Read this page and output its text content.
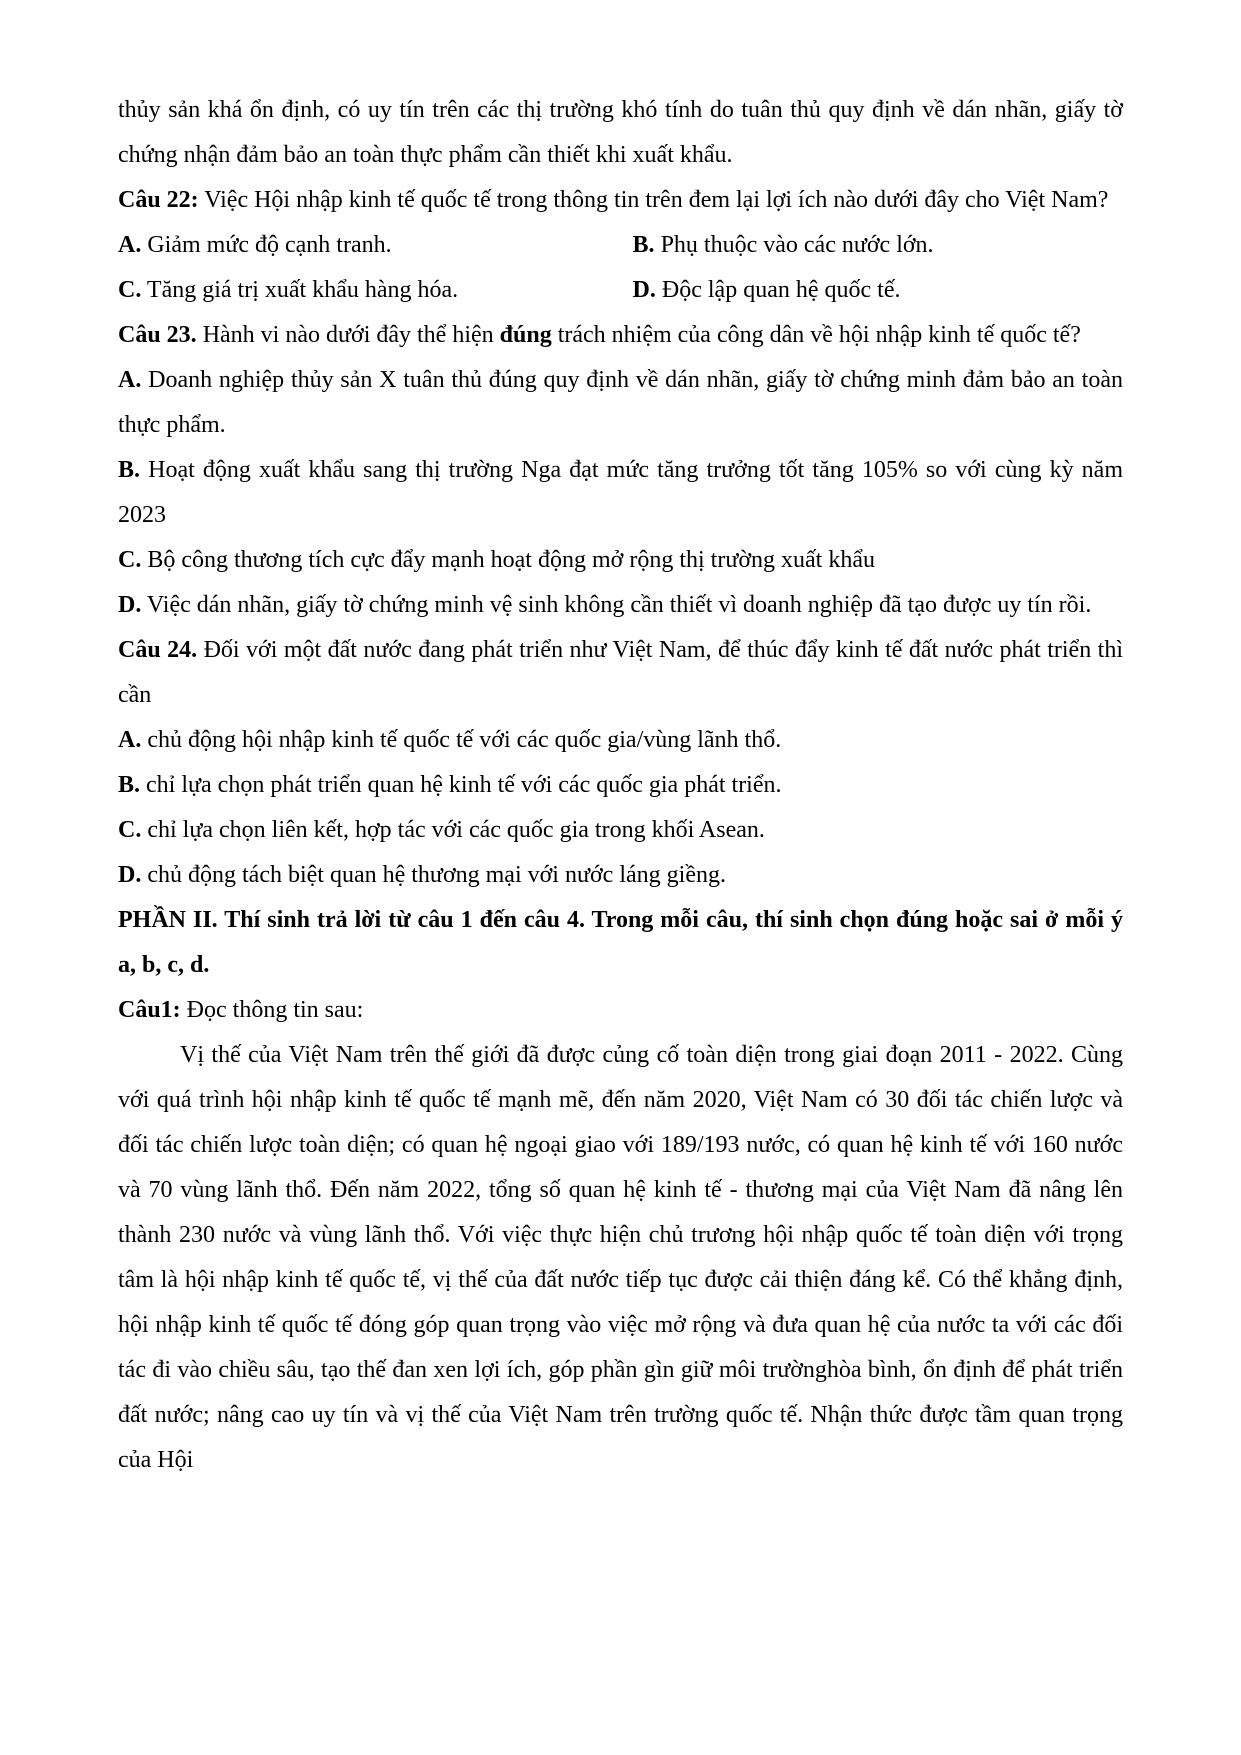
thủy sản khá ổn định, có uy tín trên các thị trường khó tính do tuân thủ quy định về dán nhãn, giấy tờ chứng nhận đảm bảo an toàn thực phẩm cần thiết khi xuất khẩu.

Câu 22: Việc Hội nhập kinh tế quốc tế trong thông tin trên đem lại lợi ích nào dưới đây cho Việt Nam?

A. Giảm mức độ cạnh tranh.	B. Phụ thuộc vào các nước lớn.

C. Tăng giá trị xuất khẩu hàng hóa.	D. Độc lập quan hệ quốc tế.

Câu 23. Hành vi nào dưới đây thể hiện đúng trách nhiệm của công dân về hội nhập kinh tế quốc tế?

A. Doanh nghiệp thủy sản X tuân thủ đúng quy định về dán nhãn, giấy tờ chứng minh đảm bảo an toàn thực phẩm.

B. Hoạt động xuất khẩu sang thị trường Nga đạt mức tăng trưởng tốt tăng 105% so với cùng kỳ năm 2023

C. Bộ công thương tích cực đẩy mạnh hoạt động mở rộng thị trường xuất khẩu

D. Việc dán nhãn, giấy tờ chứng minh vệ sinh không cần thiết vì doanh nghiệp đã tạo được uy tín rồi.

Câu 24. Đối với một đất nước đang phát triển như Việt Nam, để thúc đẩy kinh tế đất nước phát triển thì cần

A. chủ động hội nhập kinh tế quốc tế với các quốc gia/vùng lãnh thổ.

B. chỉ lựa chọn phát triển quan hệ kinh tế với các quốc gia phát triển.

C. chỉ lựa chọn liên kết, hợp tác với các quốc gia trong khối Asean.

D. chủ động tách biệt quan hệ thương mại với nước láng giềng.

PHẦN II. Thí sinh trả lời từ câu 1 đến câu 4. Trong mỗi câu, thí sinh chọn đúng hoặc sai ở mỗi ý a, b, c, d.

Câu1: Đọc thông tin sau:

Vị thế của Việt Nam trên thế giới đã được củng cố toàn diện trong giai đoạn 2011 - 2022. Cùng với quá trình hội nhập kinh tế quốc tế mạnh mẽ, đến năm 2020, Việt Nam có 30 đối tác chiến lược và đối tác chiến lược toàn diện; có quan hệ ngoại giao với 189/193 nước, có quan hệ kinh tế với 160 nước và 70 vùng lãnh thổ. Đến năm 2022, tổng số quan hệ kinh tế - thương mại của Việt Nam đã nâng lên thành 230 nước và vùng lãnh thổ. Với việc thực hiện chủ trương hội nhập quốc tế toàn diện với trọng tâm là hội nhập kinh tế quốc tế, vị thế của đất nước tiếp tục được cải thiện đáng kể. Có thể khẳng định, hội nhập kinh tế quốc tế đóng góp quan trọng vào việc mở rộng và đưa quan hệ của nước ta với các đối tác đi vào chiều sâu, tạo thế đan xen lợi ích, góp phần gìn giữ môi trườnghòa bình, ổn định để phát triển đất nước; nâng cao uy tín và vị thế của Việt Nam trên trường quốc tế. Nhận thức được tầm quan trọng của Hội
